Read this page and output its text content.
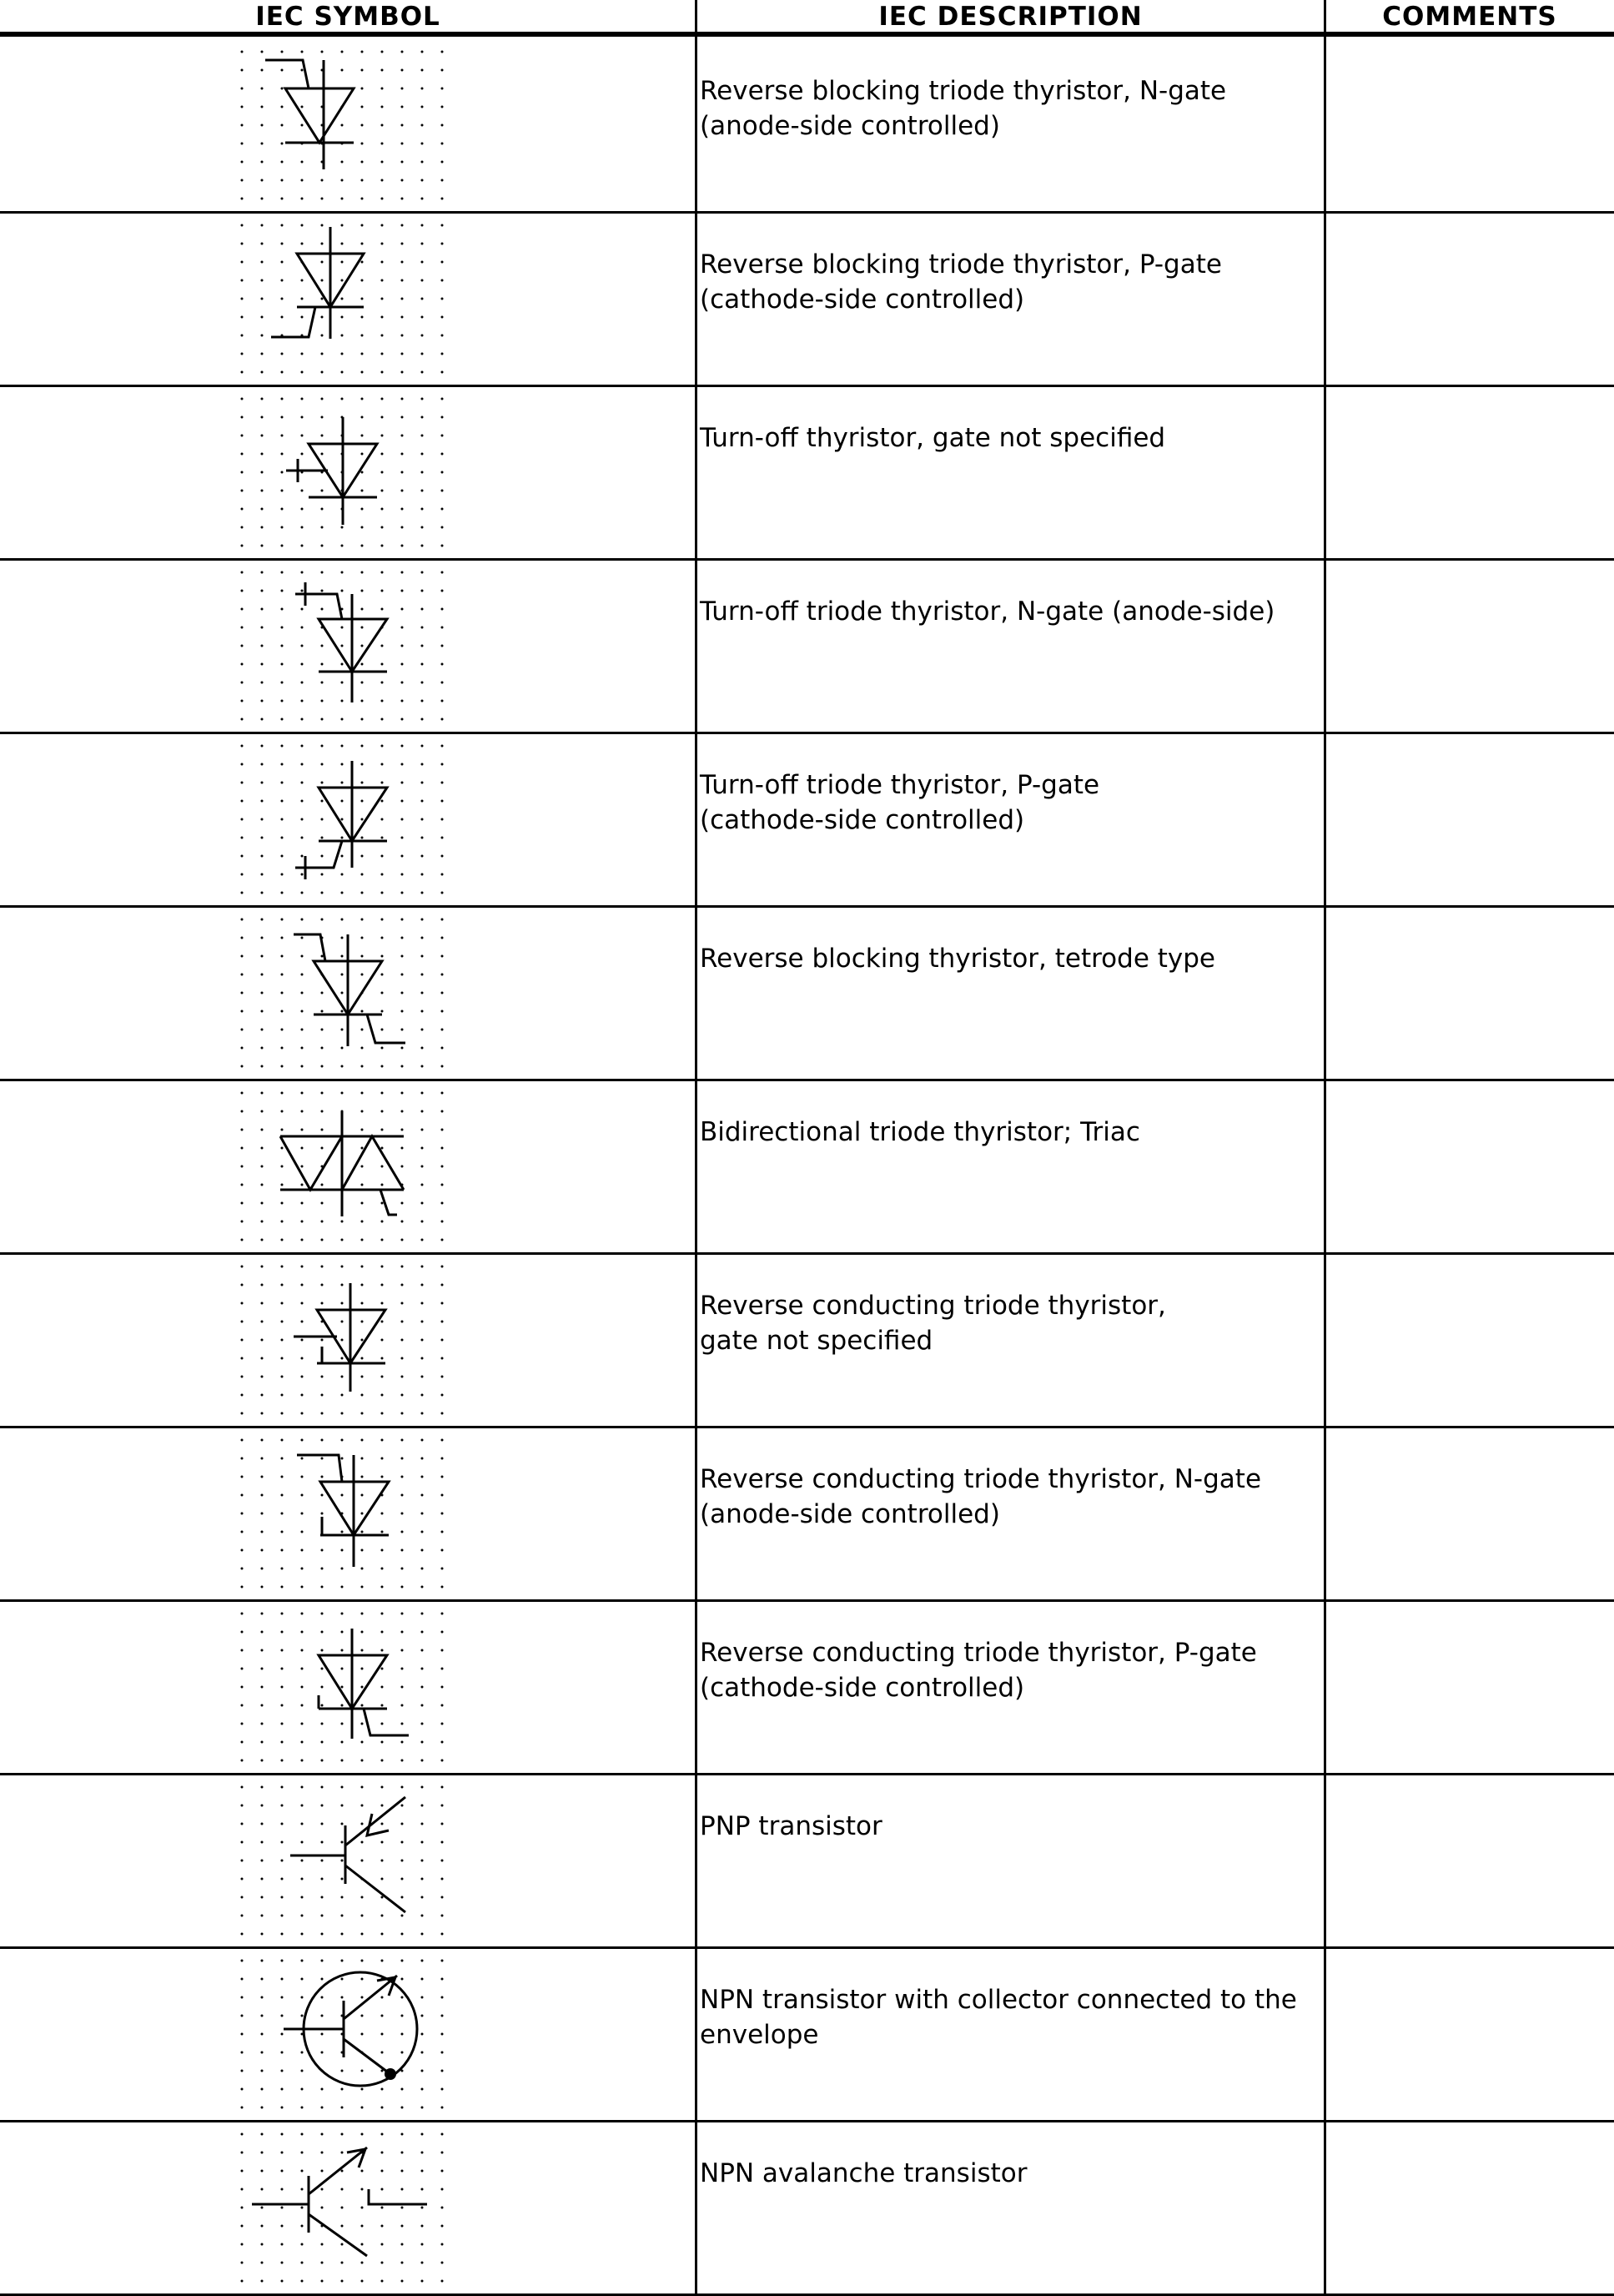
IEC SYMBOL	IEC DESCRIPTION	COMMENTS
Reverse blocking triode thyristor, N-gate
(anode-side controlled)
Reverse blocking triode thyristor, P-gate
(cathode-side controlled)
Turn-off thyristor, gate not specified
Turn-off triode thyristor, N-gate (anode-side)
Turn-off triode thyristor, P-gate
(cathode-side controlled)
Reverse blocking thyristor, tetrode type
Bidirectional triode thyristor; Triac
Reverse conducting triode thyristor,
gate not specified
Reverse conducting triode thyristor, N-gate
(anode-side controlled)
Reverse conducting triode thyristor, P-gate
(cathode-side controlled)
PNP transistor
NPN transistor with collector connected to the
envelope
NPN avalanche transistor
